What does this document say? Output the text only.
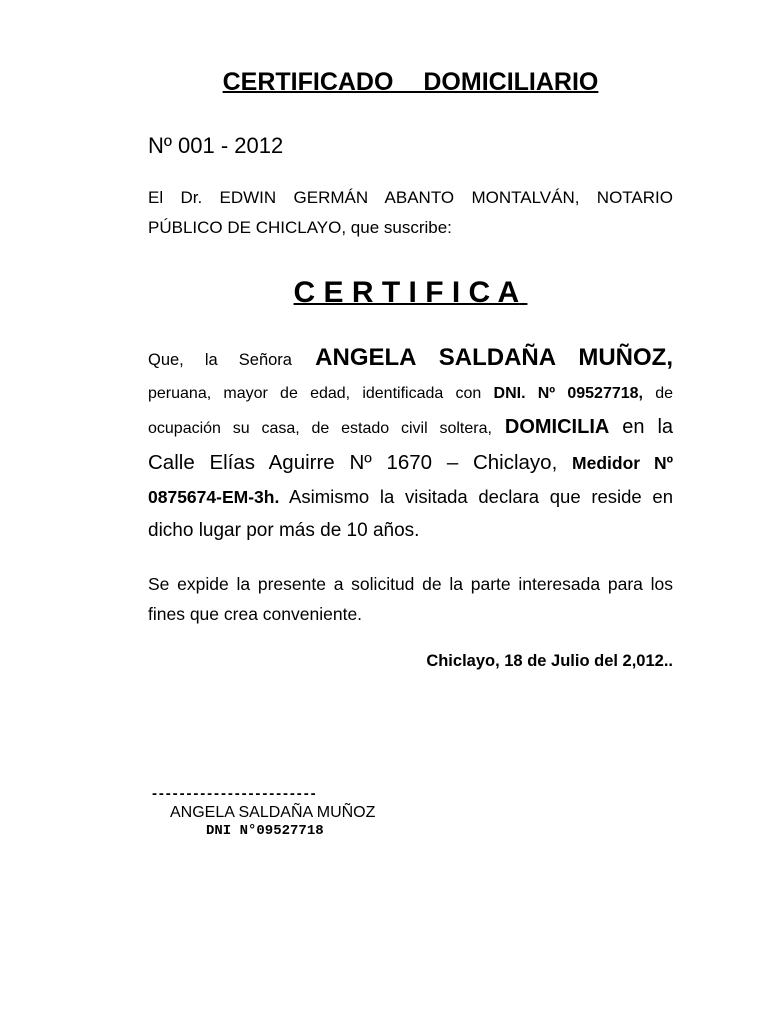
CERTIFICADO DOMICILIARIO
Nº 001 - 2012
El Dr. EDWIN GERMÁN ABANTO MONTALVÁN, NOTARIO
PÚBLICO DE CHICLAYO, que suscribe:
C E R T I F I C A
Que, la Señora ANGELA SALDAÑA MUÑOZ,
peruana, mayor de edad, identificada con DNI. Nº 09527718, de
ocupación su casa, de estado civil soltera, DOMICILIA en la
Calle Elías Aguirre Nº 1670 – Chiclayo, Medidor Nº
0875674-EM-3h. Asimismo la visitada declara que reside en
dicho lugar por más de 10 años.
Se expide la presente a solicitud de la parte interesada para los
fines que crea conveniente.
Chiclayo, 18 de Julio del 2,012..
------------------------
ANGELA SALDAÑA MUÑOZ
DNI N°09527718
